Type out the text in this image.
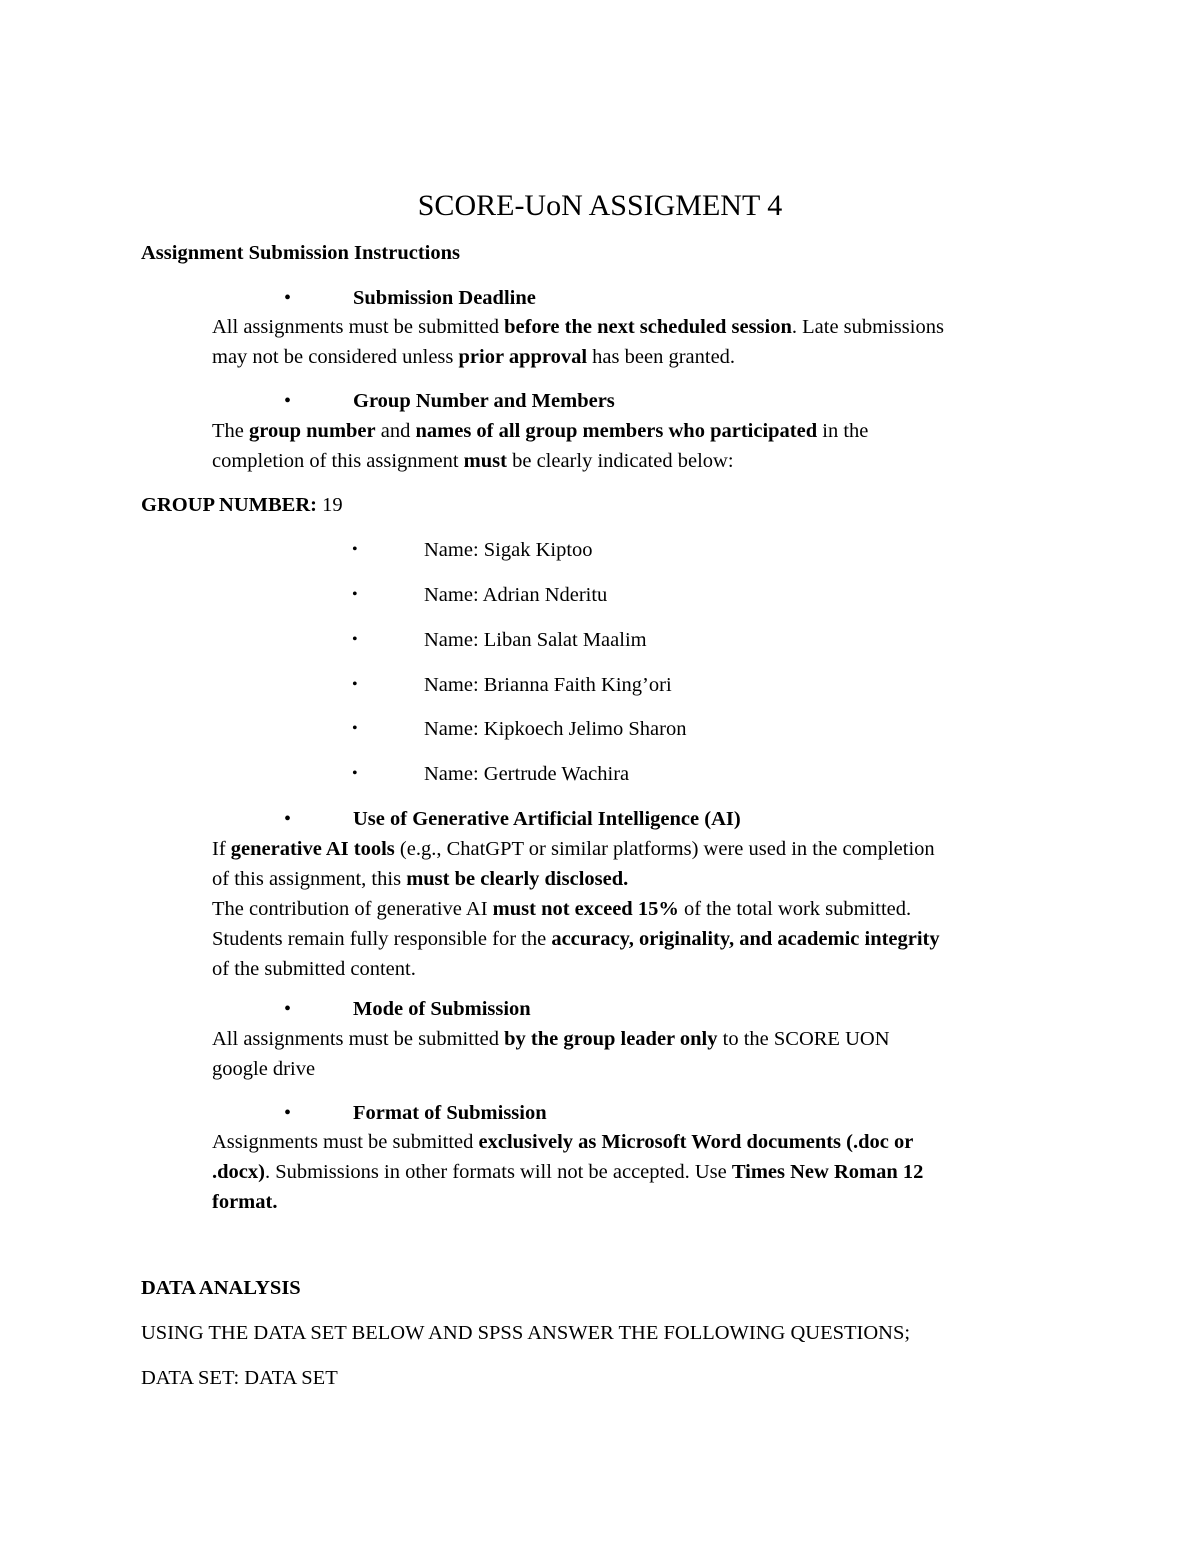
SCORE-UoN ASSIGMENT 4
Assignment Submission Instructions
•	Submission Deadline
All assignments must be submitted before the next scheduled session. Late submissions
may not be considered unless prior approval has been granted.
•	Group Number and Members
The group number and names of all group members who participated in the
completion of this assignment must be clearly indicated below:
GROUP NUMBER: 19
•	Name: Sigak Kiptoo
•	Name: Adrian Nderitu
•	Name: Liban Salat Maalim
•	Name: Brianna Faith King’ori
•	Name: Kipkoech Jelimo Sharon
•	Name: Gertrude Wachira
•	Use of Generative Artificial Intelligence (AI)
If generative AI tools (e.g., ChatGPT or similar platforms) were used in the completion
of this assignment, this must be clearly disclosed.
The contribution of generative AI must not exceed 15% of the total work submitted.
Students remain fully responsible for the accuracy, originality, and academic integrity
of the submitted content.
•	Mode of Submission
All assignments must be submitted by the group leader only to the SCORE UON
google drive
•	Format of Submission
Assignments must be submitted exclusively as Microsoft Word documents (.doc or
.docx). Submissions in other formats will not be accepted. Use Times New Roman 12
format.
DATA ANALYSIS
USING THE DATA SET BELOW AND SPSS ANSWER THE FOLLOWING QUESTIONS;
DATA SET: DATA SET
